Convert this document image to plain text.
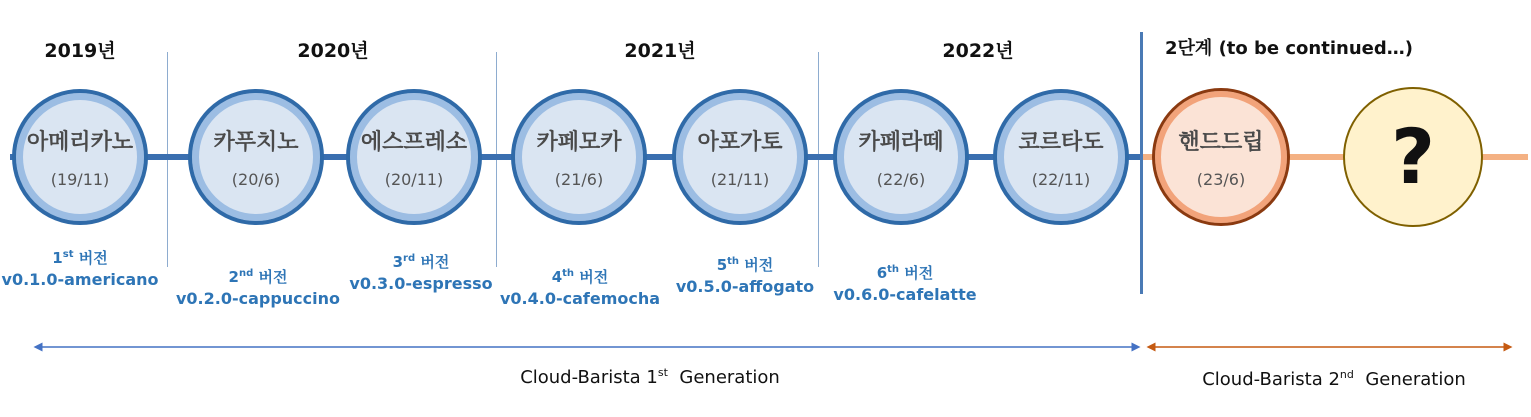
2019년	2020년	2021년	2022년	2단계 (to be continued…)
아메리카노
(19/11)
카푸치노
(20/6)
에스프레소
(20/11)
카페모카
(21/6)
아포가토
(21/11)
카페라떼
(22/6)
코르타도
(22/11)
핸드드립
(23/6) ?
1st 버전
v0.1.0-americano	2nd 버전
v0.2.0-cappuccino
3rd 버전
v0.3.0-espresso	4th 버전
v0.4.0-cafemocha
5th 버전
v0.5.0-affogato
6th 버전
v0.6.0-cafelatte
Cloud-Barista 1st Generation	Cloud-Barista 2nd Generation
